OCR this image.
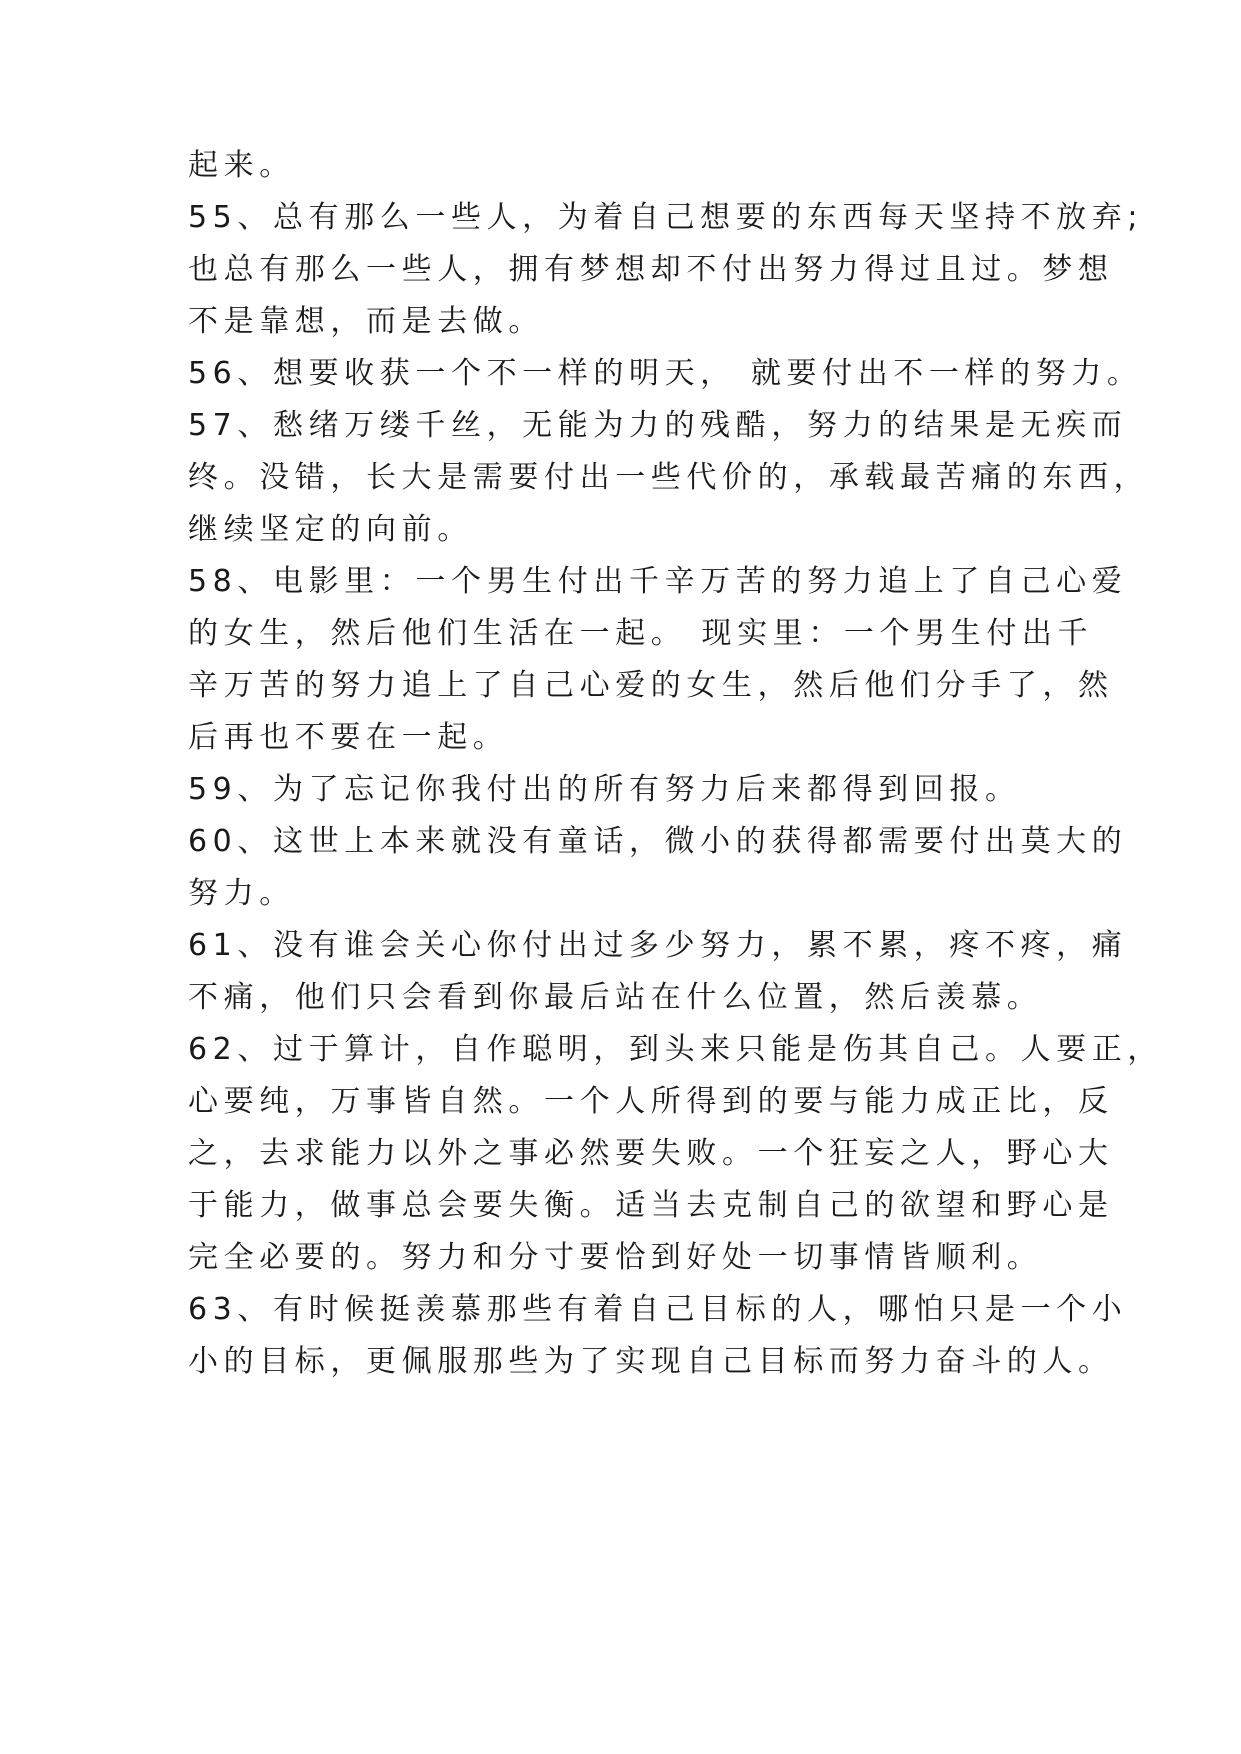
起来。
55、总有那么一些人，为着自己想要的东西每天坚持不放弃;
也总有那么一些人，拥有梦想却不付出努力得过且过。梦想
不是靠想，而是去做。
56、想要收获一个不一样的明天， 就要付出不一样的努力。
57、愁绪万缕千丝，无能为力的残酷，努力的结果是无疾而
终。没错，长大是需要付出一些代价的，承载最苦痛的东西，
继续坚定的向前。
58、电影里：一个男生付出千辛万苦的努力追上了自己心爱
的女生，然后他们生活在一起。 现实里：一个男生付出千
辛万苦的努力追上了自己心爱的女生，然后他们分手了，然
后再也不要在一起。
59、为了忘记你我付出的所有努力后来都得到回报。
60、这世上本来就没有童话，微小的获得都需要付出莫大的
努力。
61、没有谁会关心你付出过多少努力，累不累，疼不疼，痛
不痛，他们只会看到你最后站在什么位置，然后羡慕。
62、过于算计，自作聪明，到头来只能是伤其自己。人要正，
心要纯，万事皆自然。一个人所得到的要与能力成正比，反
之，去求能力以外之事必然要失败。一个狂妄之人，野心大
于能力，做事总会要失衡。适当去克制自己的欲望和野心是
完全必要的。努力和分寸要恰到好处一切事情皆顺利。
63、有时候挺羡慕那些有着自己目标的人，哪怕只是一个小
小的目标，更佩服那些为了实现自己目标而努力奋斗的人。
